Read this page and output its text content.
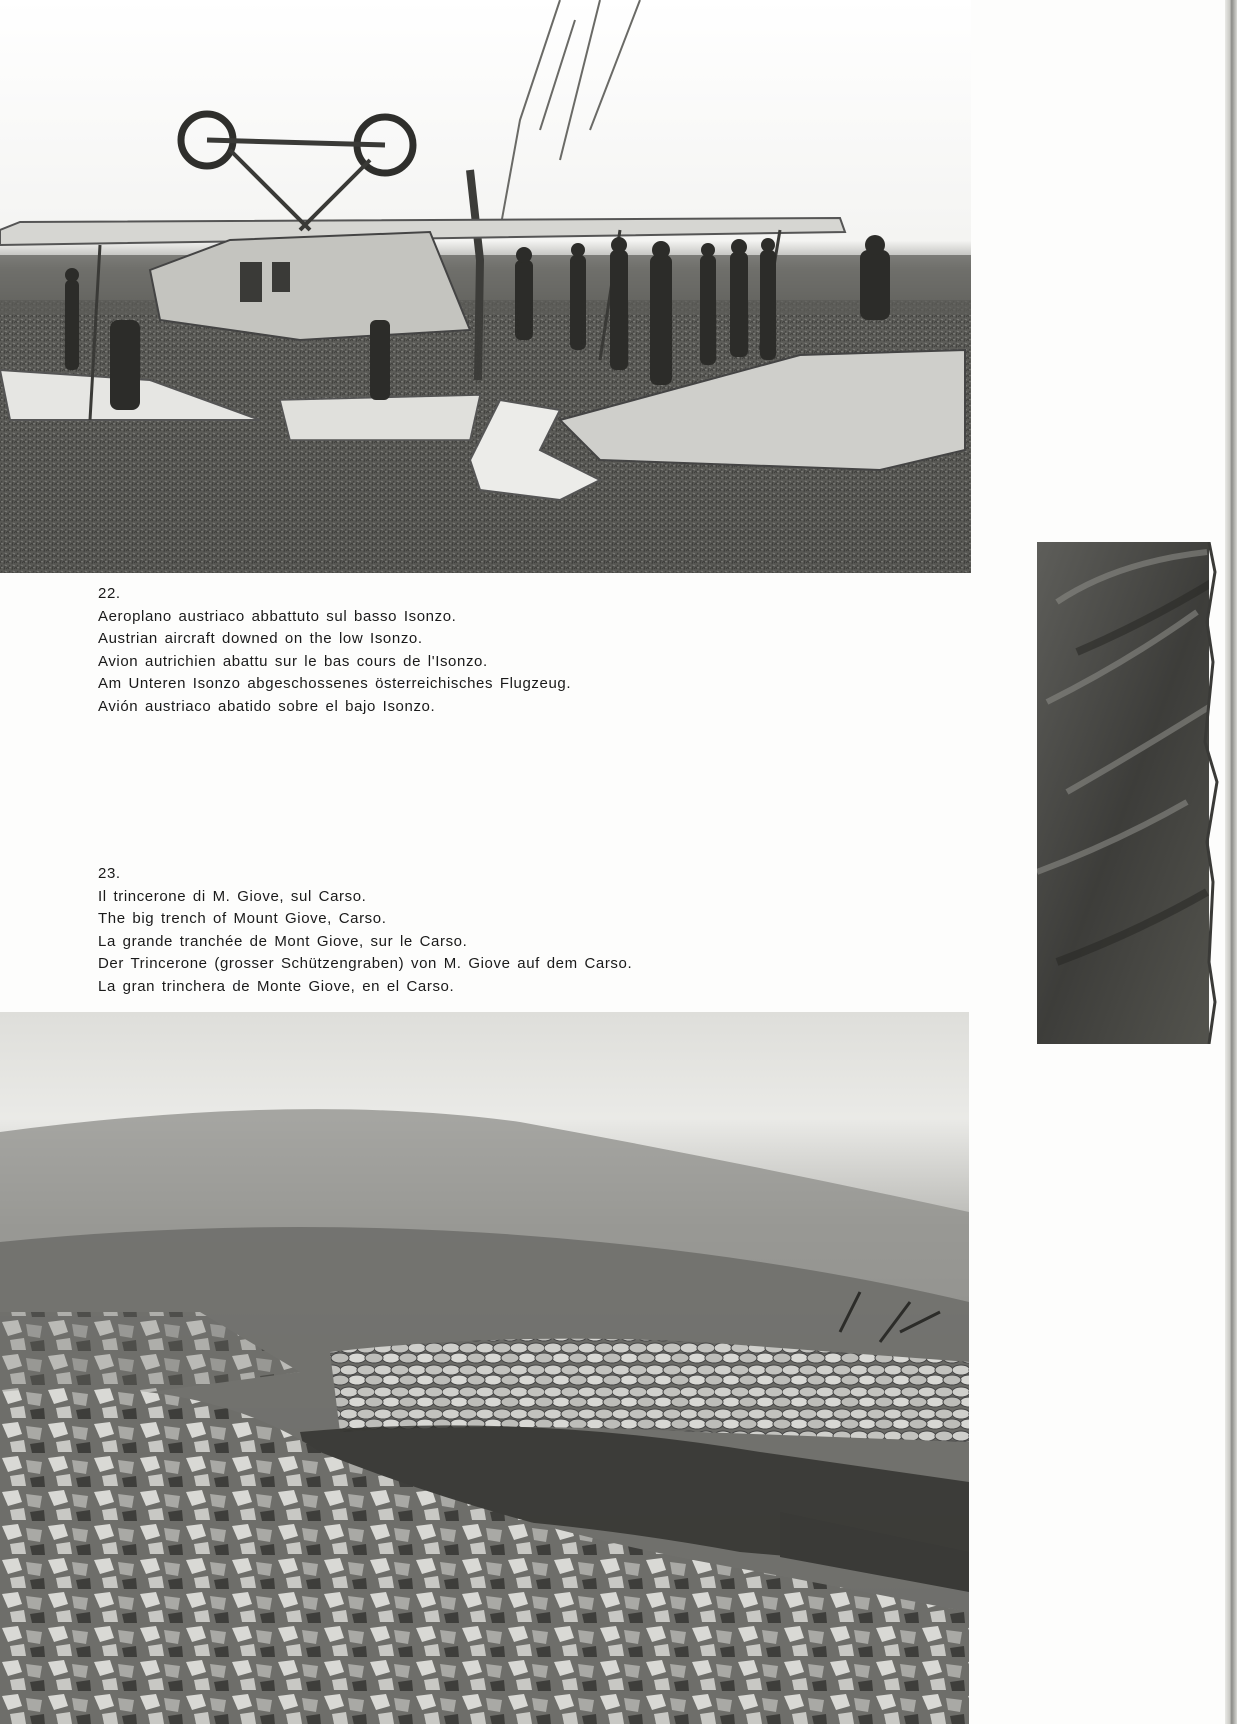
22.
Aeroplano austriaco abbattuto sul basso Isonzo.
Austrian aircraft downed on the low Isonzo.
Avion autrichien abattu sur le bas cours de l'Isonzo.
Am Unteren Isonzo abgeschossenes österreichisches Flugzeug.
Avión austriaco abatido sobre el bajo Isonzo.
23.
Il trincerone di M. Giove, sul Carso.
The big trench of Mount Giove, Carso.
La grande tranchée de Mont Giove, sur le Carso.
Der Trincerone (grosser Schützengraben) von M. Giove auf dem Carso.
La gran trinchera de Monte Giove, en el Carso.
